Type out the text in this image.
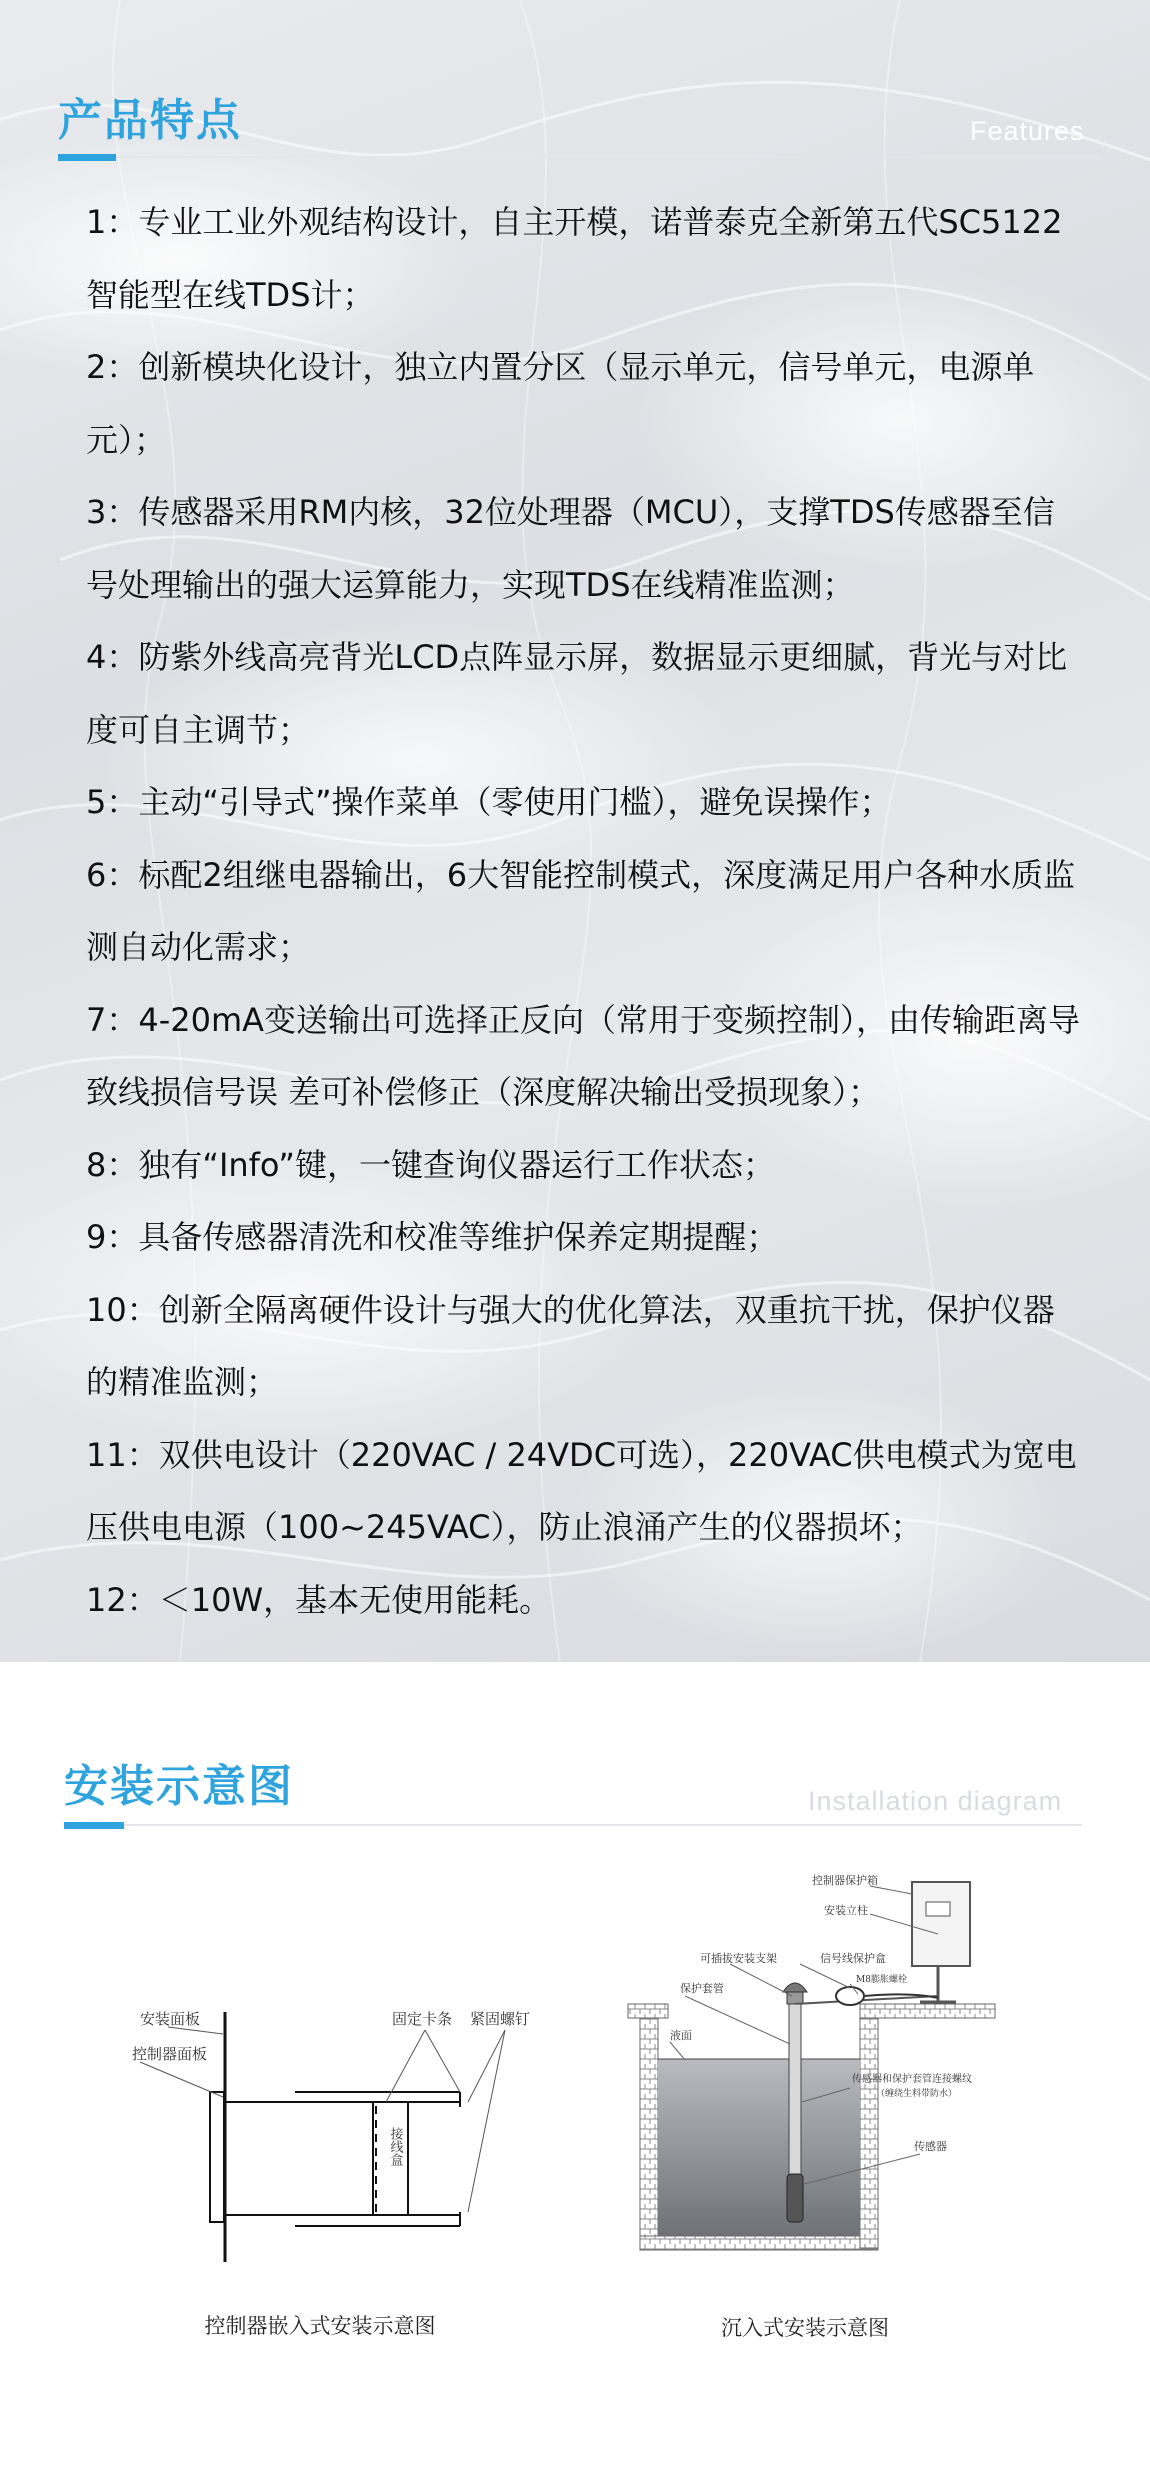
产品特点	Features
1：专业工业外观结构设计，自主开模，诺普泰克全新第五代SC5122智能型在线TDS计；
2：创新模块化设计，独立内置分区（显示单元，信号单元，电源单元）；
3：传感器采用RM内核，32位处理器（MCU），支撑TDS传感器至信号处理输出的强大运算能力，实现TDS在线精准监测；
4：防紫外线高亮背光LCD点阵显示屏，数据显示更细腻，背光与对比度可自主调节；
5：主动“引导式”操作菜单（零使用门槛），避免误操作；
6：标配2组继电器输出，6大智能控制模式，深度满足用户各种水质监测自动化需求；
7：4-20mA变送输出可选择正反向（常用于变频控制），由传输距离导致线损信号误 差可补偿修正（深度解决输出受损现象）；
8：独有“Info”键，一键查询仪器运行工作状态；
9：具备传感器清洗和校准等维护保养定期提醒；
10：创新全隔离硬件设计与强大的优化算法，双重抗干扰，保护仪器的精准监测；
11：双供电设计（220VAC / 24VDC可选），220VAC供电模式为宽电压供电电源（100~245VAC），防止浪涌产生的仪器损坏；
12：＜10W，基本无使用能耗。
安装示意图	Installation diagram
安装面板
控制器面板
固定卡条 紧固螺钉
接线盒
控制器嵌入式安装示意图
控制器保护箱
安装立柱
可插拔安装支架	信号线保护盒
M8膨胀螺栓
保护套管
液面
传感器和保护套管连接螺纹
（缠绕生料带防水）
传感器
沉入式安装示意图
